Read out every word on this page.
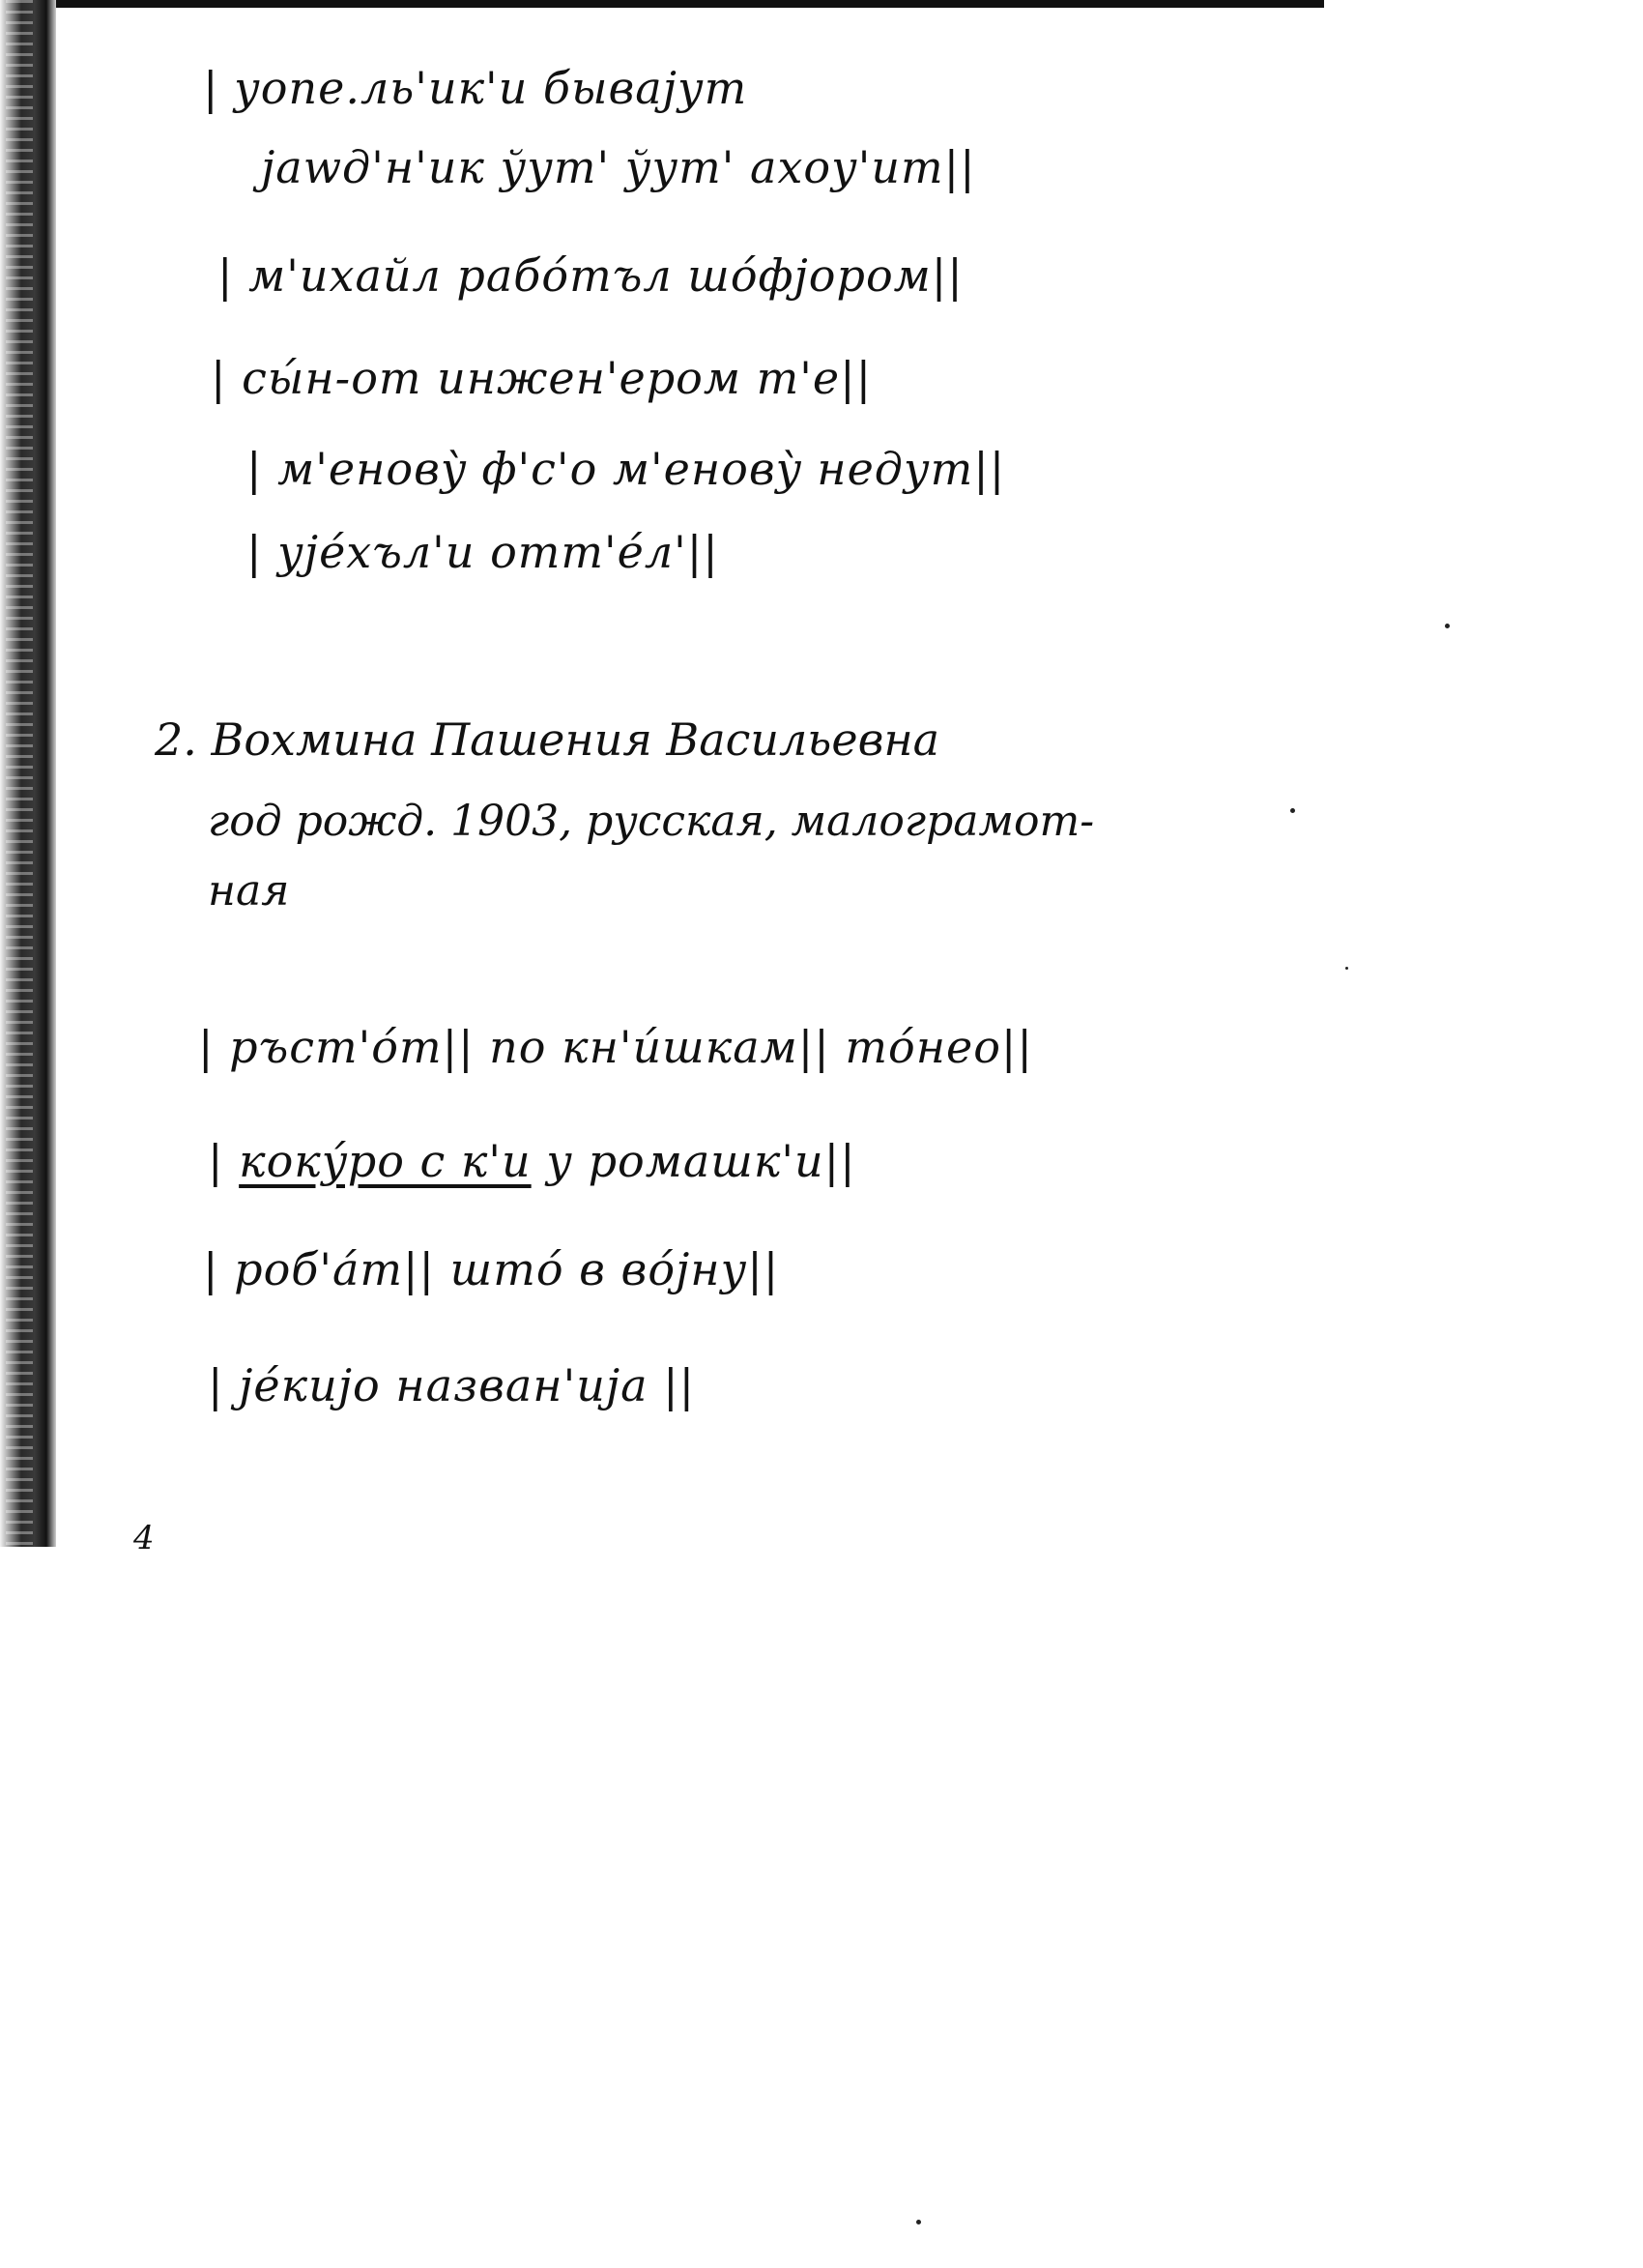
| уопе.ль'ик'и бываjут

jаwд'н'ик ўут' ўут' ахоу'ит||

| м'ихайл рабо́тъл шо́фјором||

| сы́н-от инжен'ером т'е||

| м'еновỳ ф'с'о м'еновỳ недут||

| уjе́хъл'и отт'е́л'||

2. Вохмина Пашения Васильевна

год рожд. 1903, русская, малограмот-

ная

| ръст'о́т|| по кн'и́шкам|| то́нео||

| кокýро с к'и у ромашк'и||

| роб'а́т|| што́ в во́jну||

| jе́киjо назван'иjа ||

4
